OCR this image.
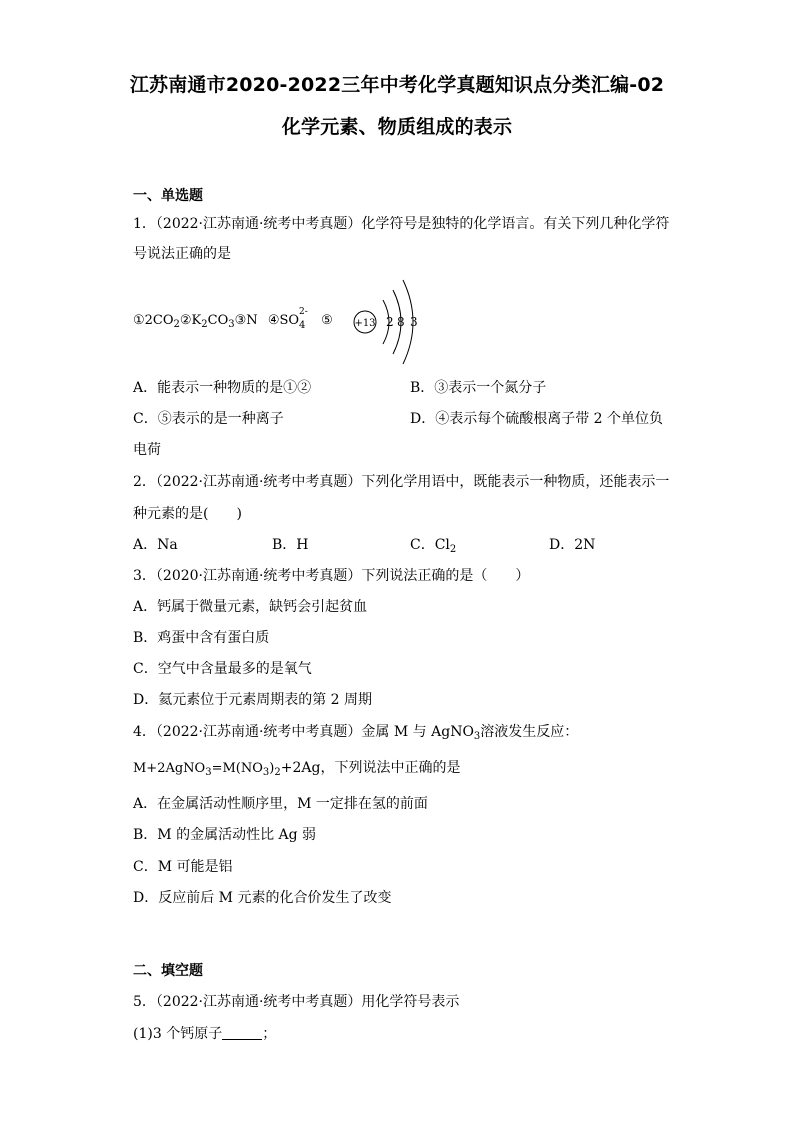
江苏南通市2020-2022三年中考化学真题知识点分类汇编-02
化学元素、物质组成的表示
一、单选题
1．（2022·江苏南通·统考中考真题）化学符号是独特的化学语言。有关下列几种化学符
号说法正确的是
$①2CO_2②K_2CO_3③N$ ④SO
2-
4 ⑤ +13 2 8 3
A．能表示一种物质的是①②	B．③表示一个氮分子
C．⑤表示的是一种离子	D．④表示每个硫酸根离子带 2 个单位负
电荷
2．（2022·江苏南通·统考中考真题）下列化学用语中，既能表示一种物质，还能表示一
种元素的是(　　)
A．Na	B．H	C．$Cl_2$	D．2N
3．（2020·江苏南通·统考中考真题）下列说法正确的是（　　）
A．钙属于微量元素，缺钙会引起贫血
B．鸡蛋中含有蛋白质
C．空气中含量最多的是氧气
D．氦元素位于元素周期表的第 2 周期
4．（2022·江苏南通·统考中考真题）金属 M 与 AgNO$_3$溶液发生反应：
$M+2AgNO_3=M(NO_3)_2+2Ag$，下列说法中正确的是
A．在金属活动性顺序里，M 一定排在氢的前面
B．M 的金属活动性比 Ag 弱
C．M 可能是铝
D．反应前后 M 元素的化合价发生了改变
二、填空题
5．（2022·江苏南通·统考中考真题）用化学符号表示
(1)3 个钙原子	；
